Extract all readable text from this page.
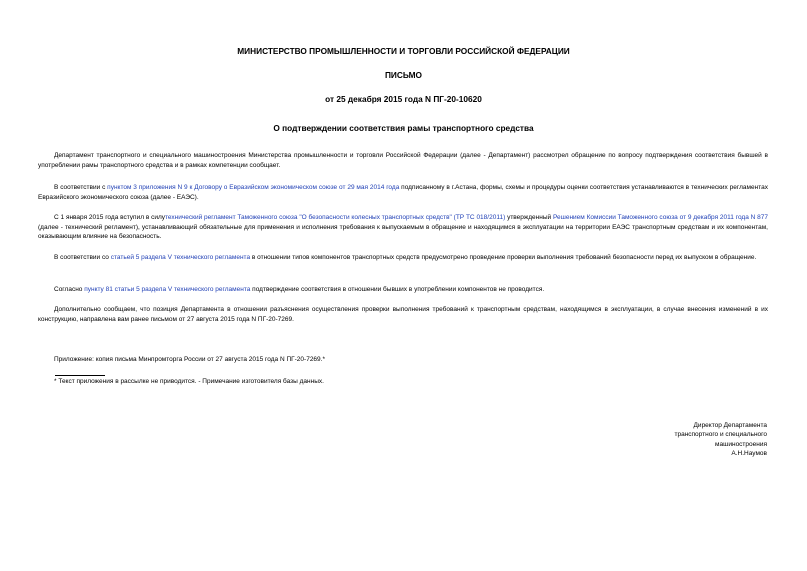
МИНИСТЕРСТВО ПРОМЫШЛЕННОСТИ И ТОРГОВЛИ РОССИЙСКОЙ ФЕДЕРАЦИИ
ПИСЬМО
от 25 декабря 2015 года N ПГ-20-10620
О подтверждении соответствия рамы транспортного средства
Департамент транспортного и специального машиностроения Министерства промышленности и торговли Российской Федерации (далее - Департамент) рассмотрел обращение по вопросу подтверждения соответствия бывшей в употреблении рамы транспортного средства и в рамках компетенции сообщает.
В соответствии с пунктом 3 приложения N 9 к Договору о Евразийском экономическом союзе от 29 мая 2014 года подписанному в г.Астана, формы, схемы и процедуры оценки соответствия устанавливаются в технических регламентах Евразийского экономического союза (далее - ЕАЭС).
С 1 января 2015 года вступил в силутехнический регламент Таможенного союза "О безопасности колесных транспортных средств" (ТР ТС 018/2011) утвержденный Решением Комиссии Таможенного союза от 9 декабря 2011 года N 877 (далее - технический регламент), устанавливающий обязательные для применения и исполнения требования к выпускаемым в обращение и находящимся в эксплуатации на территории ЕАЭС транспортным средствам и их компонентам, оказывающим влияние на безопасность.
В соответствии со статьей 5 раздела V технического регламента в отношении типов компонентов транспортных средств предусмотрено проведение проверки выполнения требований безопасности перед их выпуском в обращение.
Согласно пункту 81 статьи 5 раздела V технического регламента подтверждение соответствия в отношении бывших в употреблении компонентов не проводится.
Дополнительно сообщаем, что позиция Департамента в отношении разъяснения осуществления проверки выполнения требований к транспортным средствам, находящимся в эксплуатации, в случае внесения изменений в их конструкцию, направлена вам ранее письмом от 27 августа 2015 года N ПГ-20-7269.
Приложение: копия письма Минпромторга России от 27 августа 2015 года N ПГ-20-7269.*
* Текст приложения в рассылке не приводится. - Примечание изготовителя базы данных.
Директор Департамента
транспортного и специального
машиностроения
А.Н.Наумов
